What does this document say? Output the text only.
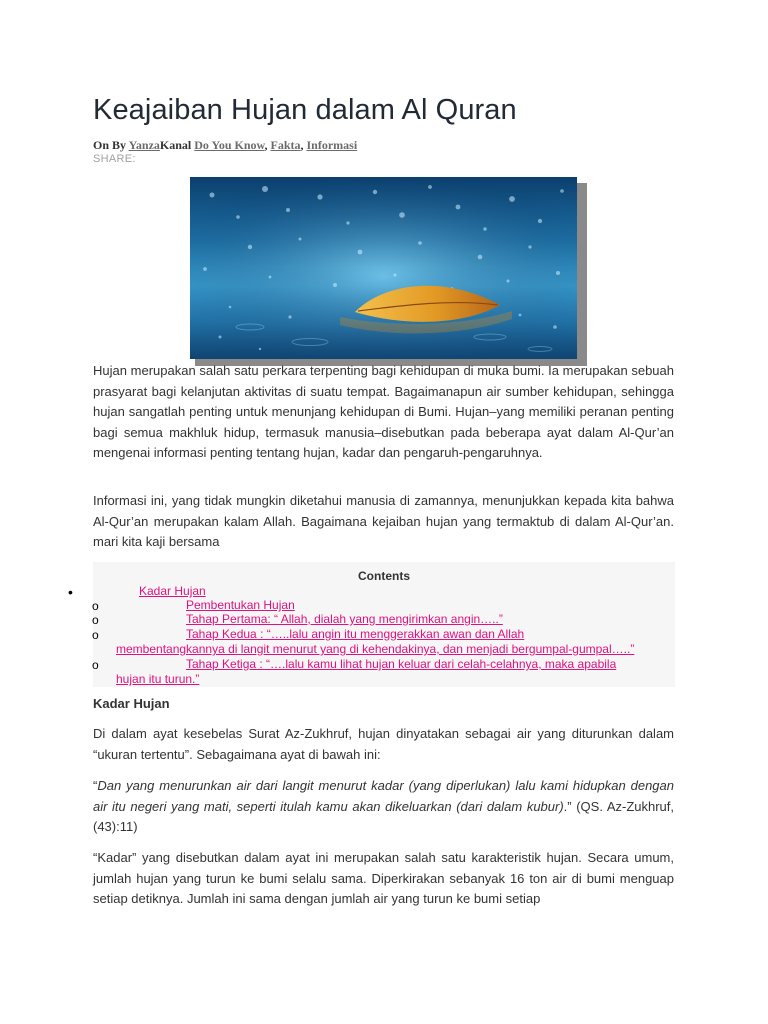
Keajaiban Hujan dalam Al Quran
On By YanzaKanal Do You Know, Fakta, Informasi
SHARE:

Hujan merupakan salah satu perkara terpenting bagi kehidupan di muka bumi. Ia merupakan sebuah prasyarat bagi kelanjutan aktivitas di suatu tempat. Bagaimanapun air sumber kehidupan, sehingga hujan sangatlah penting untuk menunjang kehidupan di Bumi. Hujan–yang memiliki peranan penting bagi semua makhluk hidup, termasuk manusia–disebutkan pada beberapa ayat dalam Al-Qur’an mengenai informasi penting tentang hujan, kadar dan pengaruh-pengaruhnya.

Informasi ini, yang tidak mungkin diketahui manusia di zamannya, menunjukkan kepada kita bahwa Al-Qur’an merupakan kalam Allah. Bagaimana kejaiban hujan yang termaktub di dalam Al-Qur’an. mari kita kaji bersama

Contents
•	Kadar Hujan
o	Pembentukan Hujan
o	Tahap Pertama: “ Allah, dialah yang mengirimkan angin…..”
o	Tahap Kedua : “…..lalu angin itu menggerakkan awan dan Allah
membentangkannya di langit menurut yang di kehendakinya, dan menjadi bergumpal-gumpal…..”
o	Tahap Ketiga : “….lalu kamu lihat hujan keluar dari celah-celahnya, maka apabila
hujan itu turun.”
Kadar Hujan

Di dalam ayat kesebelas Surat Az-Zukhruf, hujan dinyatakan sebagai air yang diturunkan dalam “ukuran tertentu”. Sebagaimana ayat di bawah ini:

“Dan yang menurunkan air dari langit menurut kadar (yang diperlukan) lalu kami hidupkan dengan air itu negeri yang mati, seperti itulah kamu akan dikeluarkan (dari dalam kubur).” (QS. Az-Zukhruf, (43):11)

“Kadar” yang disebutkan dalam ayat ini merupakan salah satu karakteristik hujan. Secara umum, jumlah hujan yang turun ke bumi selalu sama. Diperkirakan sebanyak 16 ton air di bumi menguap setiap detiknya. Jumlah ini sama dengan jumlah air yang turun ke bumi setiap
